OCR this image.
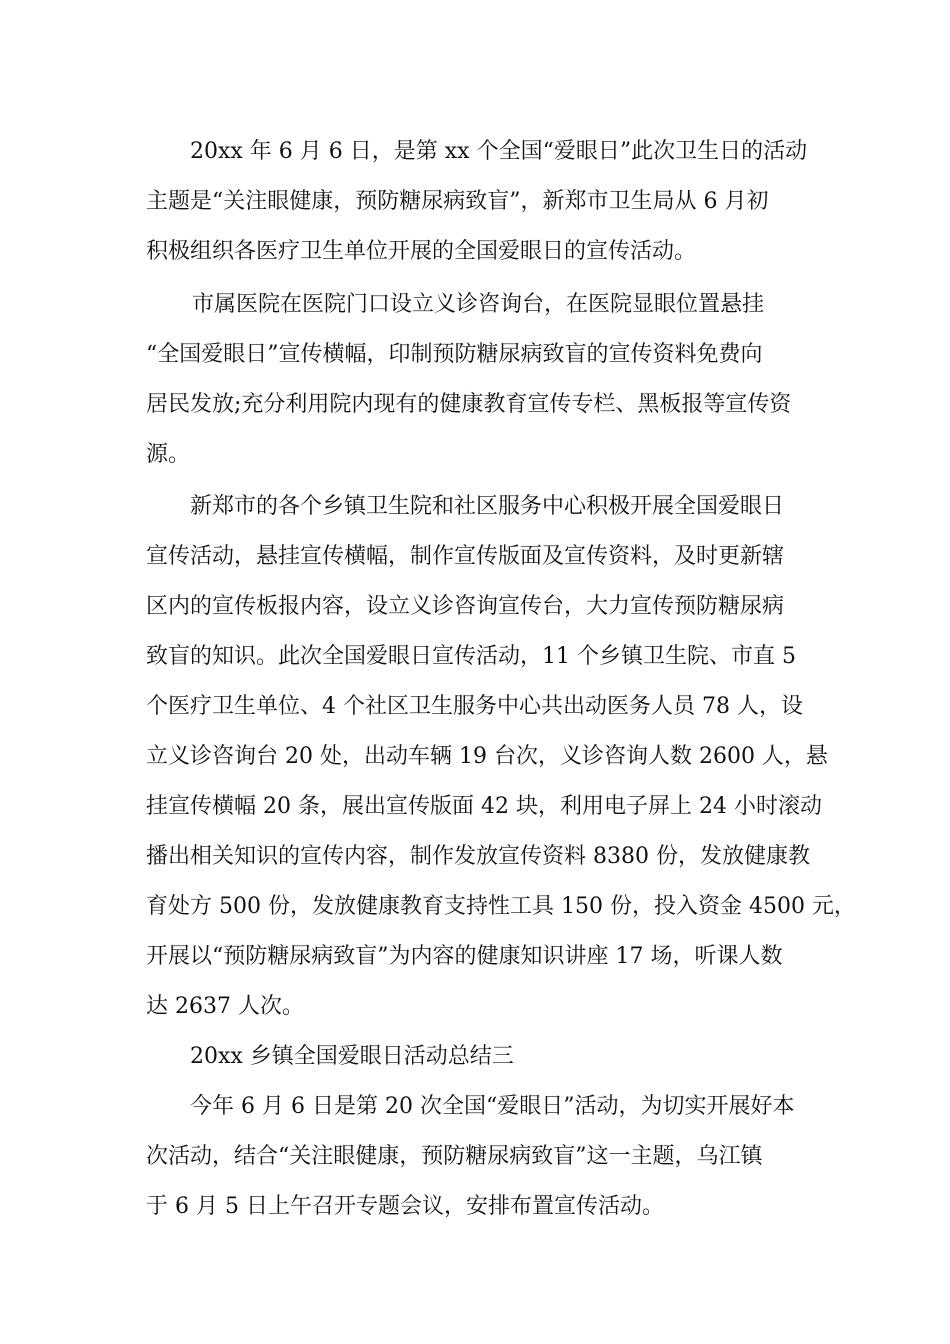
20xx 年 6 月 6 日，是第 xx 个全国“爱眼日”此次卫生日的活动
主题是“关注眼健康，预防糖尿病致盲”，新郑市卫生局从 6 月初
积极组织各医疗卫生单位开展的全国爱眼日的宣传活动。
市属医院在医院门口设立义诊咨询台，在医院显眼位置悬挂
“全国爱眼日”宣传横幅，印制预防糖尿病致盲的宣传资料免费向
居民发放;充分利用院内现有的健康教育宣传专栏、黑板报等宣传资
源。
新郑市的各个乡镇卫生院和社区服务中心积极开展全国爱眼日
宣传活动，悬挂宣传横幅，制作宣传版面及宣传资料，及时更新辖
区内的宣传板报内容，设立义诊咨询宣传台，大力宣传预防糖尿病
致盲的知识。此次全国爱眼日宣传活动，11 个乡镇卫生院、市直 5
个医疗卫生单位、4 个社区卫生服务中心共出动医务人员 78 人，设
立义诊咨询台 20 处，出动车辆 19 台次，义诊咨询人数 2600 人，悬
挂宣传横幅 20 条，展出宣传版面 42 块，利用电子屏上 24 小时滚动
播出相关知识的宣传内容，制作发放宣传资料 8380 份，发放健康教
育处方 500 份，发放健康教育支持性工具 150 份，投入资金 4500 元，
开展以“预防糖尿病致盲”为内容的健康知识讲座 17 场，听课人数
达 2637 人次。
20xx 乡镇全国爱眼日活动总结三
今年 6 月 6 日是第 20 次全国“爱眼日”活动，为切实开展好本
次活动，结合“关注眼健康，预防糖尿病致盲”这一主题，乌江镇
于 6 月 5 日上午召开专题会议，安排布置宣传活动。
